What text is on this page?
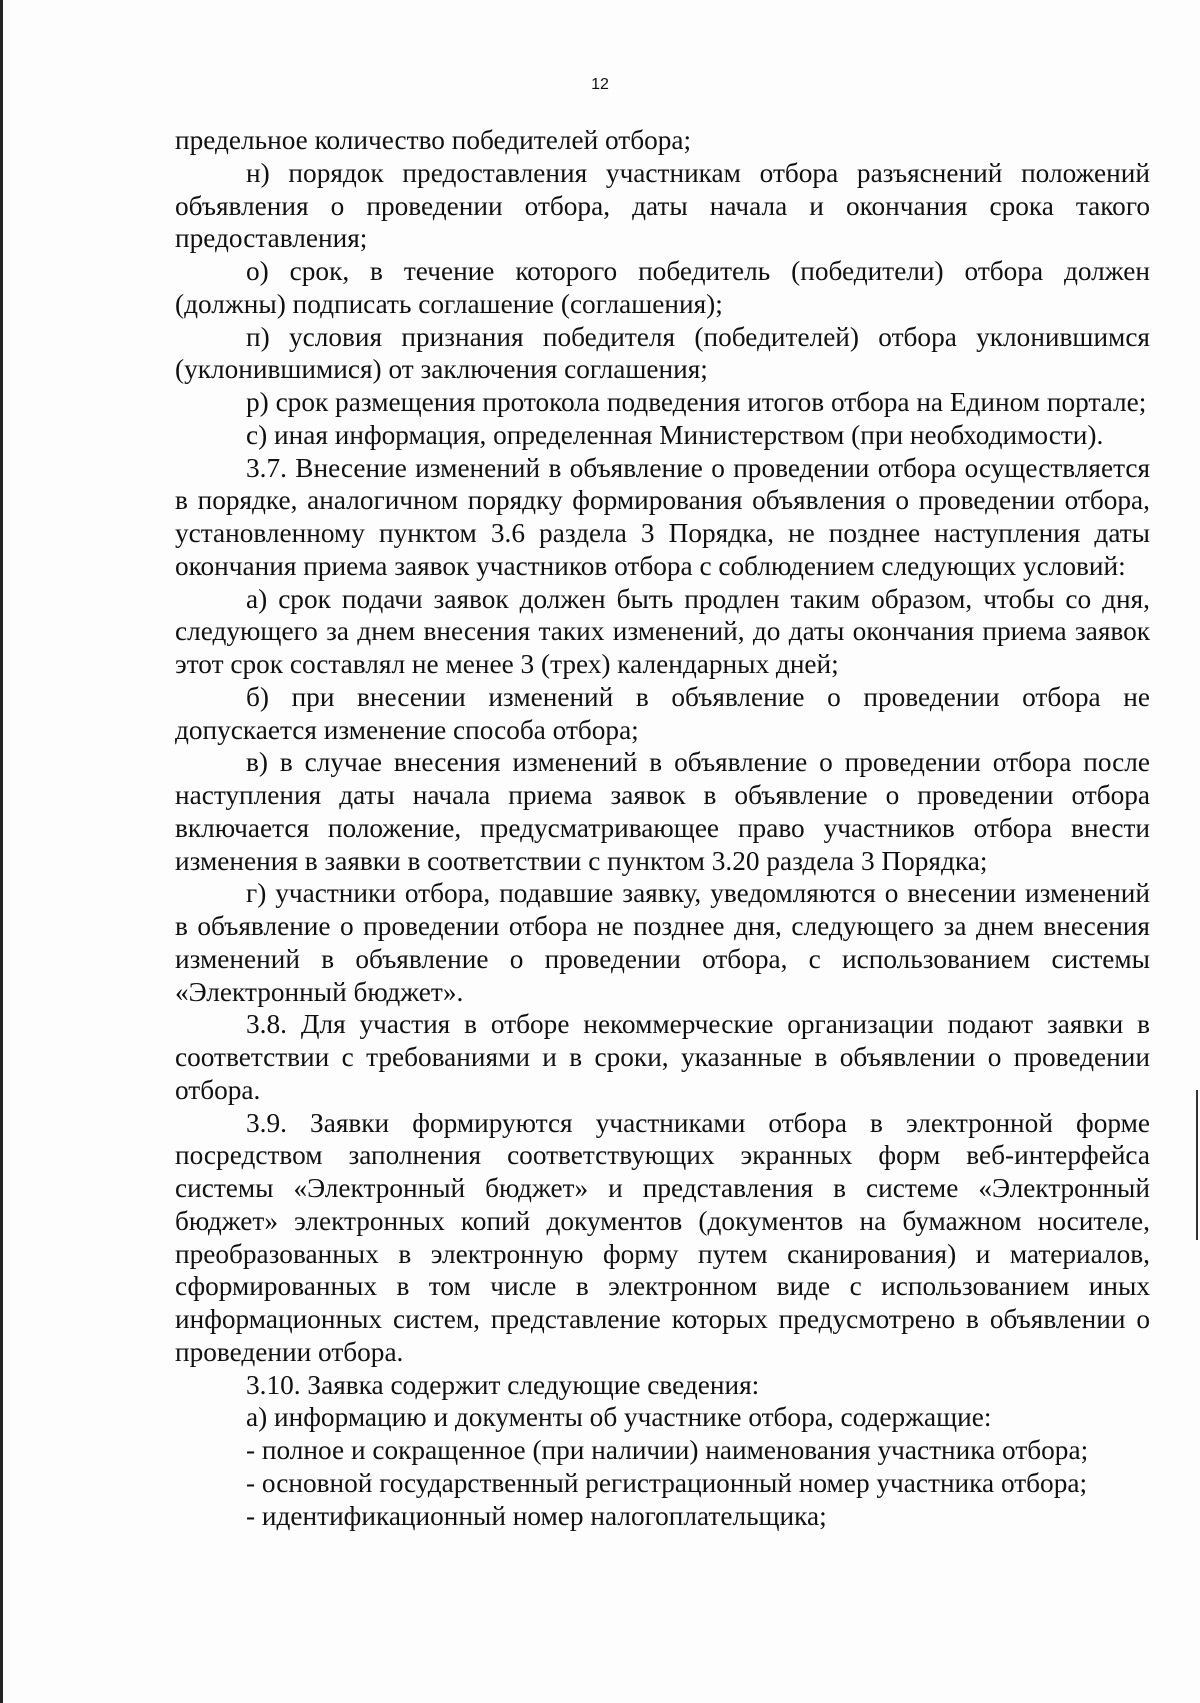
12

предельное количество победителей отбора;

н) порядок предоставления участникам отбора разъяснений положений объявления о проведении отбора, даты начала и окончания срока такого предоставления;

о) срок, в течение которого победитель (победители) отбора должен (должны) подписать соглашение (соглашения);

п) условия признания победителя (победителей) отбора уклонившимся (уклонившимися) от заключения соглашения;

р) срок размещения протокола подведения итогов отбора на Едином портале;

с) иная информация, определенная Министерством (при необходимости).

3.7. Внесение изменений в объявление о проведении отбора осуществляется в порядке, аналогичном порядку формирования объявления о проведении отбора, установленному пунктом 3.6 раздела 3 Порядка, не позднее наступления даты окончания приема заявок участников отбора с соблюдением следующих условий:

а) срок подачи заявок должен быть продлен таким образом, чтобы со дня, следующего за днем внесения таких изменений, до даты окончания приема заявок этот срок составлял не менее 3 (трех) календарных дней;

б) при внесении изменений в объявление о проведении отбора не допускается изменение способа отбора;

в) в случае внесения изменений в объявление о проведении отбора после наступления даты начала приема заявок в объявление о проведении отбора включается положение, предусматривающее право участников отбора внести изменения в заявки в соответствии с пунктом 3.20 раздела 3 Порядка;

г) участники отбора, подавшие заявку, уведомляются о внесении изменений в объявление о проведении отбора не позднее дня, следующего за днем внесения изменений в объявление о проведении отбора, с использованием системы «Электронный бюджет».

3.8. Для участия в отборе некоммерческие организации подают заявки в соответствии с требованиями и в сроки, указанные в объявлении о проведении отбора.

3.9. Заявки формируются участниками отбора в электронной форме посредством заполнения соответствующих экранных форм веб-интерфейса системы «Электронный бюджет» и представления в системе «Электронный бюджет» электронных копий документов (документов на бумажном носителе, преобразованных в электронную форму путем сканирования) и материалов, сформированных в том числе в электронном виде с использованием иных информационных систем, представление которых предусмотрено в объявлении о проведении отбора.

3.10. Заявка содержит следующие сведения:

а) информацию и документы об участнике отбора, содержащие:

- полное и сокращенное (при наличии) наименования участника отбора;

- основной государственный регистрационный номер участника отбора;

- идентификационный номер налогоплательщика;
